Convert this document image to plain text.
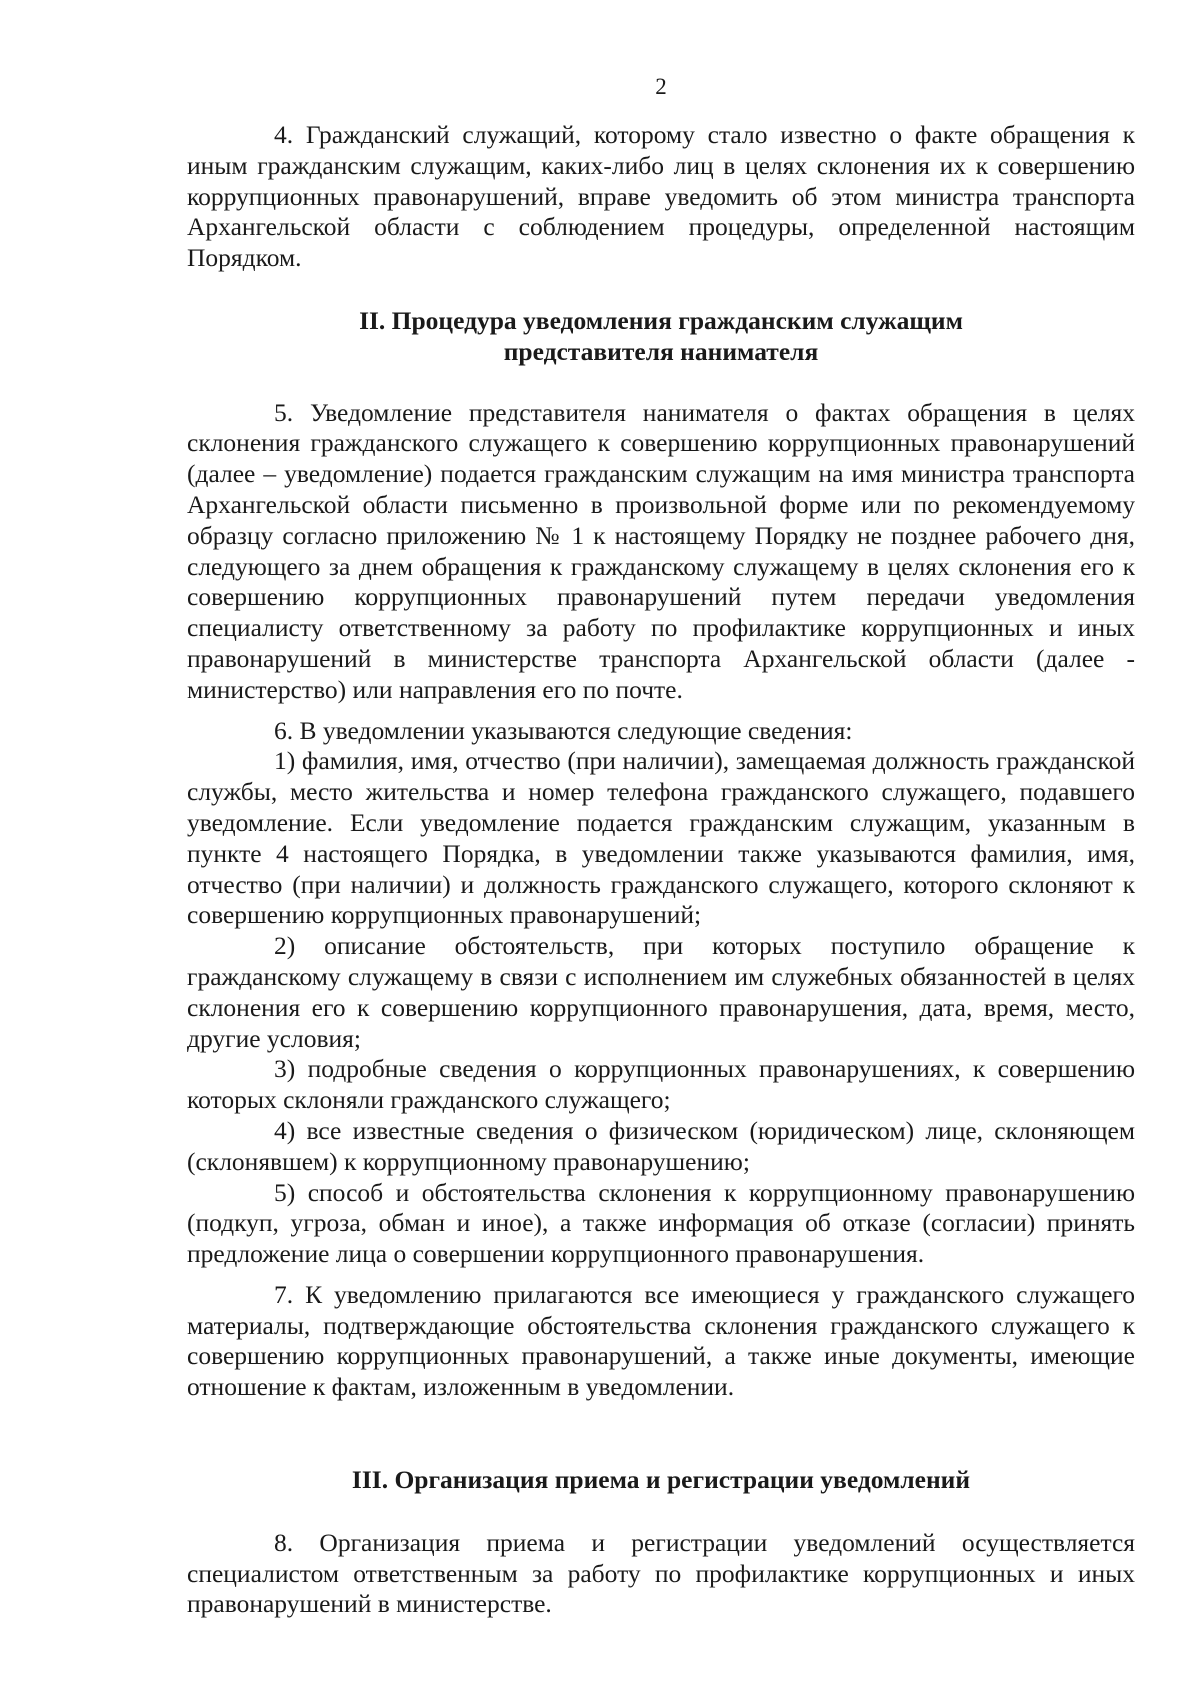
2

4. Гражданский служащий, которому стало известно о факте обращения к иным гражданским служащим, каких-либо лиц в целях склонения их к совершению коррупционных правонарушений, вправе уведомить об этом министра транспорта Архангельской области с соблюдением процедуры, определенной настоящим Порядком.

II. Процедура уведомления гражданским служащим
представителя нанимателя

5. Уведомление представителя нанимателя о фактах обращения в целях склонения гражданского служащего к совершению коррупционных правонарушений (далее – уведомление) подается гражданским служащим на имя министра транспорта Архангельской области письменно в произвольной форме или по рекомендуемому образцу согласно приложению № 1 к настоящему Порядку не позднее рабочего дня, следующего за днем обращения к гражданскому служащему в целях склонения его к совершению коррупционных правонарушений путем передачи уведомления специалисту ответственному за работу по профилактике коррупционных и иных правонарушений в министерстве транспорта Архангельской области (далее - министерство) или направления его по почте.

6. В уведомлении указываются следующие сведения:

1) фамилия, имя, отчество (при наличии), замещаемая должность гражданской службы, место жительства и номер телефона гражданского служащего, подавшего уведомление. Если уведомление подается гражданским служащим, указанным в пункте 4 настоящего Порядка, в уведомлении также указываются фамилия, имя, отчество (при наличии) и должность гражданского служащего, которого склоняют к совершению коррупционных правонарушений;

2) описание обстоятельств, при которых поступило обращение к гражданскому служащему в связи с исполнением им служебных обязанностей в целях склонения его к совершению коррупционного правонарушения, дата, время, место, другие условия;

3) подробные сведения о коррупционных правонарушениях, к совершению которых склоняли гражданского служащего;

4) все известные сведения о физическом (юридическом) лице, склоняющем (склонявшем) к коррупционному правонарушению;

5) способ и обстоятельства склонения к коррупционному правонарушению (подкуп, угроза, обман и иное), а также информация об отказе (согласии) принять предложение лица о совершении коррупционного правонарушения.

7. К уведомлению прилагаются все имеющиеся у гражданского служащего материалы, подтверждающие обстоятельства склонения гражданского служащего к совершению коррупционных правонарушений, а также иные документы, имеющие отношение к фактам, изложенным в уведомлении.

III. Организация приема и регистрации уведомлений

8. Организация приема и регистрации уведомлений осуществляется специалистом ответственным за работу по профилактике коррупционных и иных правонарушений в министерстве.
